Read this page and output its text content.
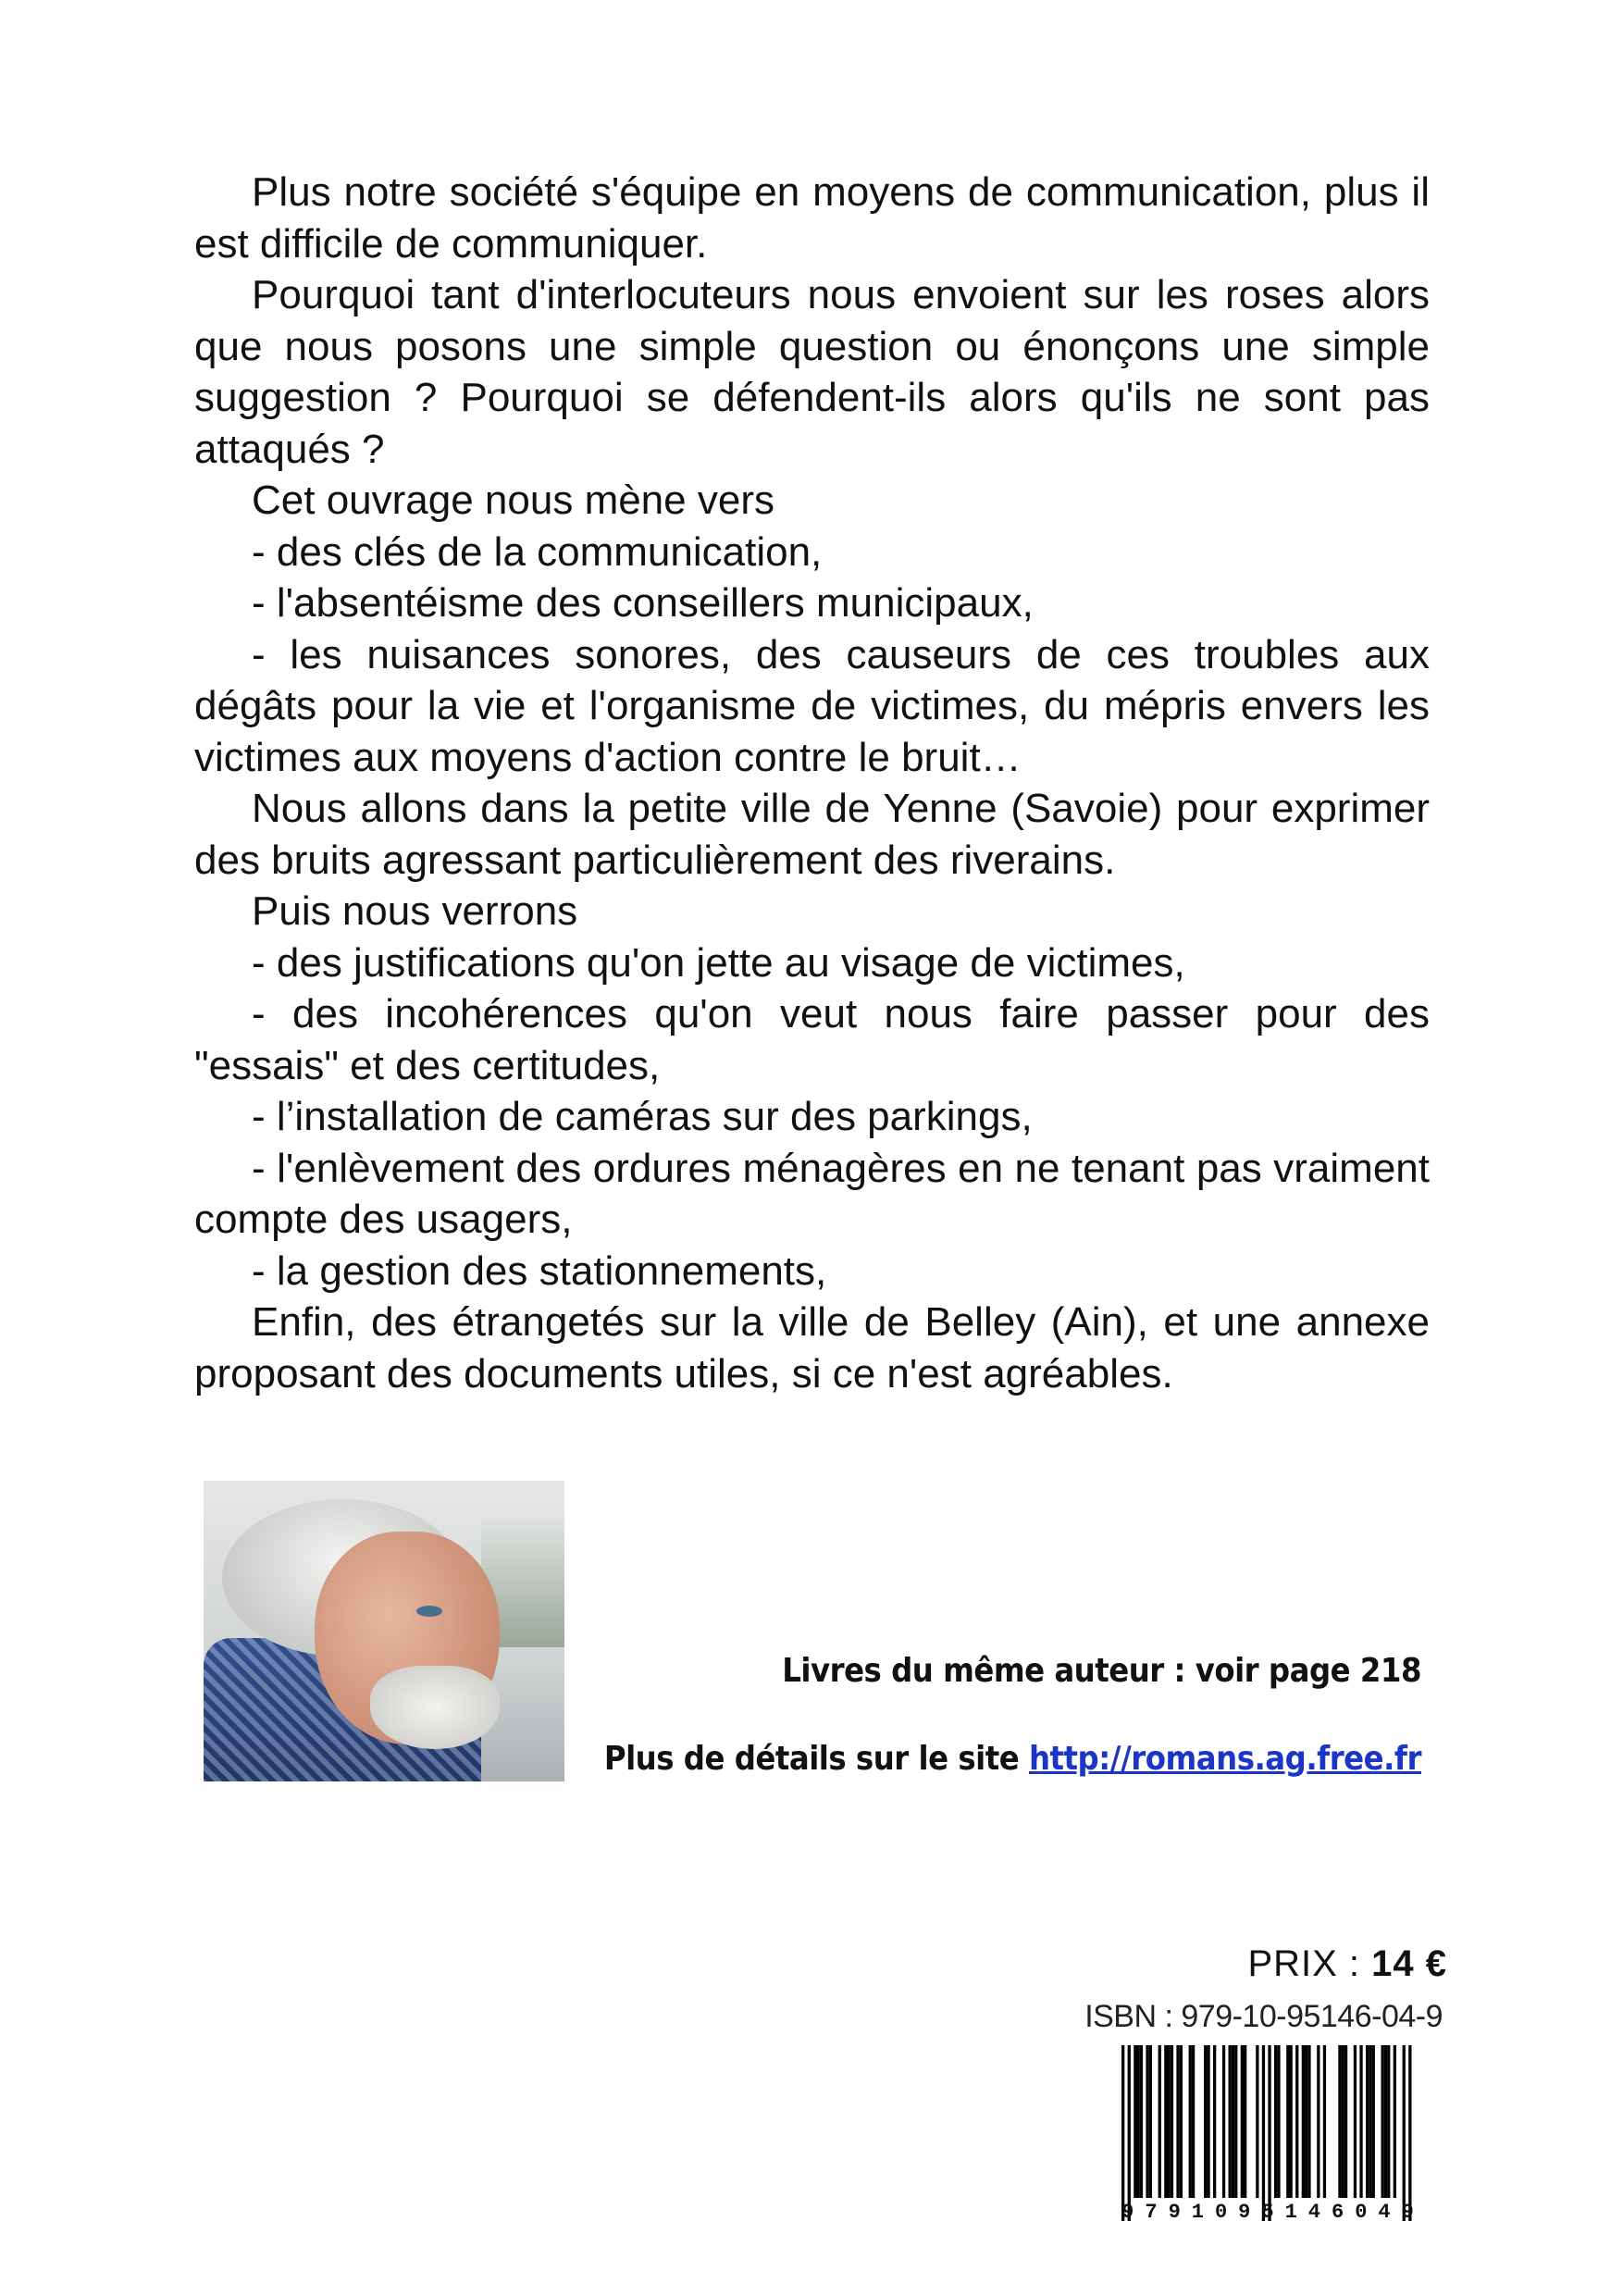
Plus notre société s'équipe en moyens de communication, plus il est difficile de communiquer.

Pourquoi tant d'interlocuteurs nous envoient sur les roses alors que nous posons une simple question ou énonçons une simple suggestion ? Pourquoi se défendent-ils alors qu'ils ne sont pas attaqués ?

Cet ouvrage nous mène vers

- des clés de la communication,

- l'absentéisme des conseillers municipaux,

- les nuisances sonores, des causeurs de ces troubles aux dégâts pour la vie et l'organisme de victimes, du mépris envers les victimes aux moyens d'action contre le bruit…

Nous allons dans la petite ville de Yenne (Savoie) pour exprimer des bruits agressant particulièrement des riverains.

Puis nous verrons

- des justifications qu'on jette au visage de victimes,

- des incohérences qu'on veut nous faire passer pour des "essais" et des certitudes,

- l’installation de caméras sur des parkings,

- l'enlèvement des ordures ménagères en ne tenant pas vraiment compte des usagers,

- la gestion des stationnements,

Enfin, des étrangetés sur la ville de Belley (Ain), et une annexe proposant des documents utiles, si ce n'est agréables.

Livres du même auteur : voir page 218
Plus de détails sur le site http://romans.ag.free.fr
PRIX : 14 €
ISBN : 979-10-95146-04-9
9791095146049
